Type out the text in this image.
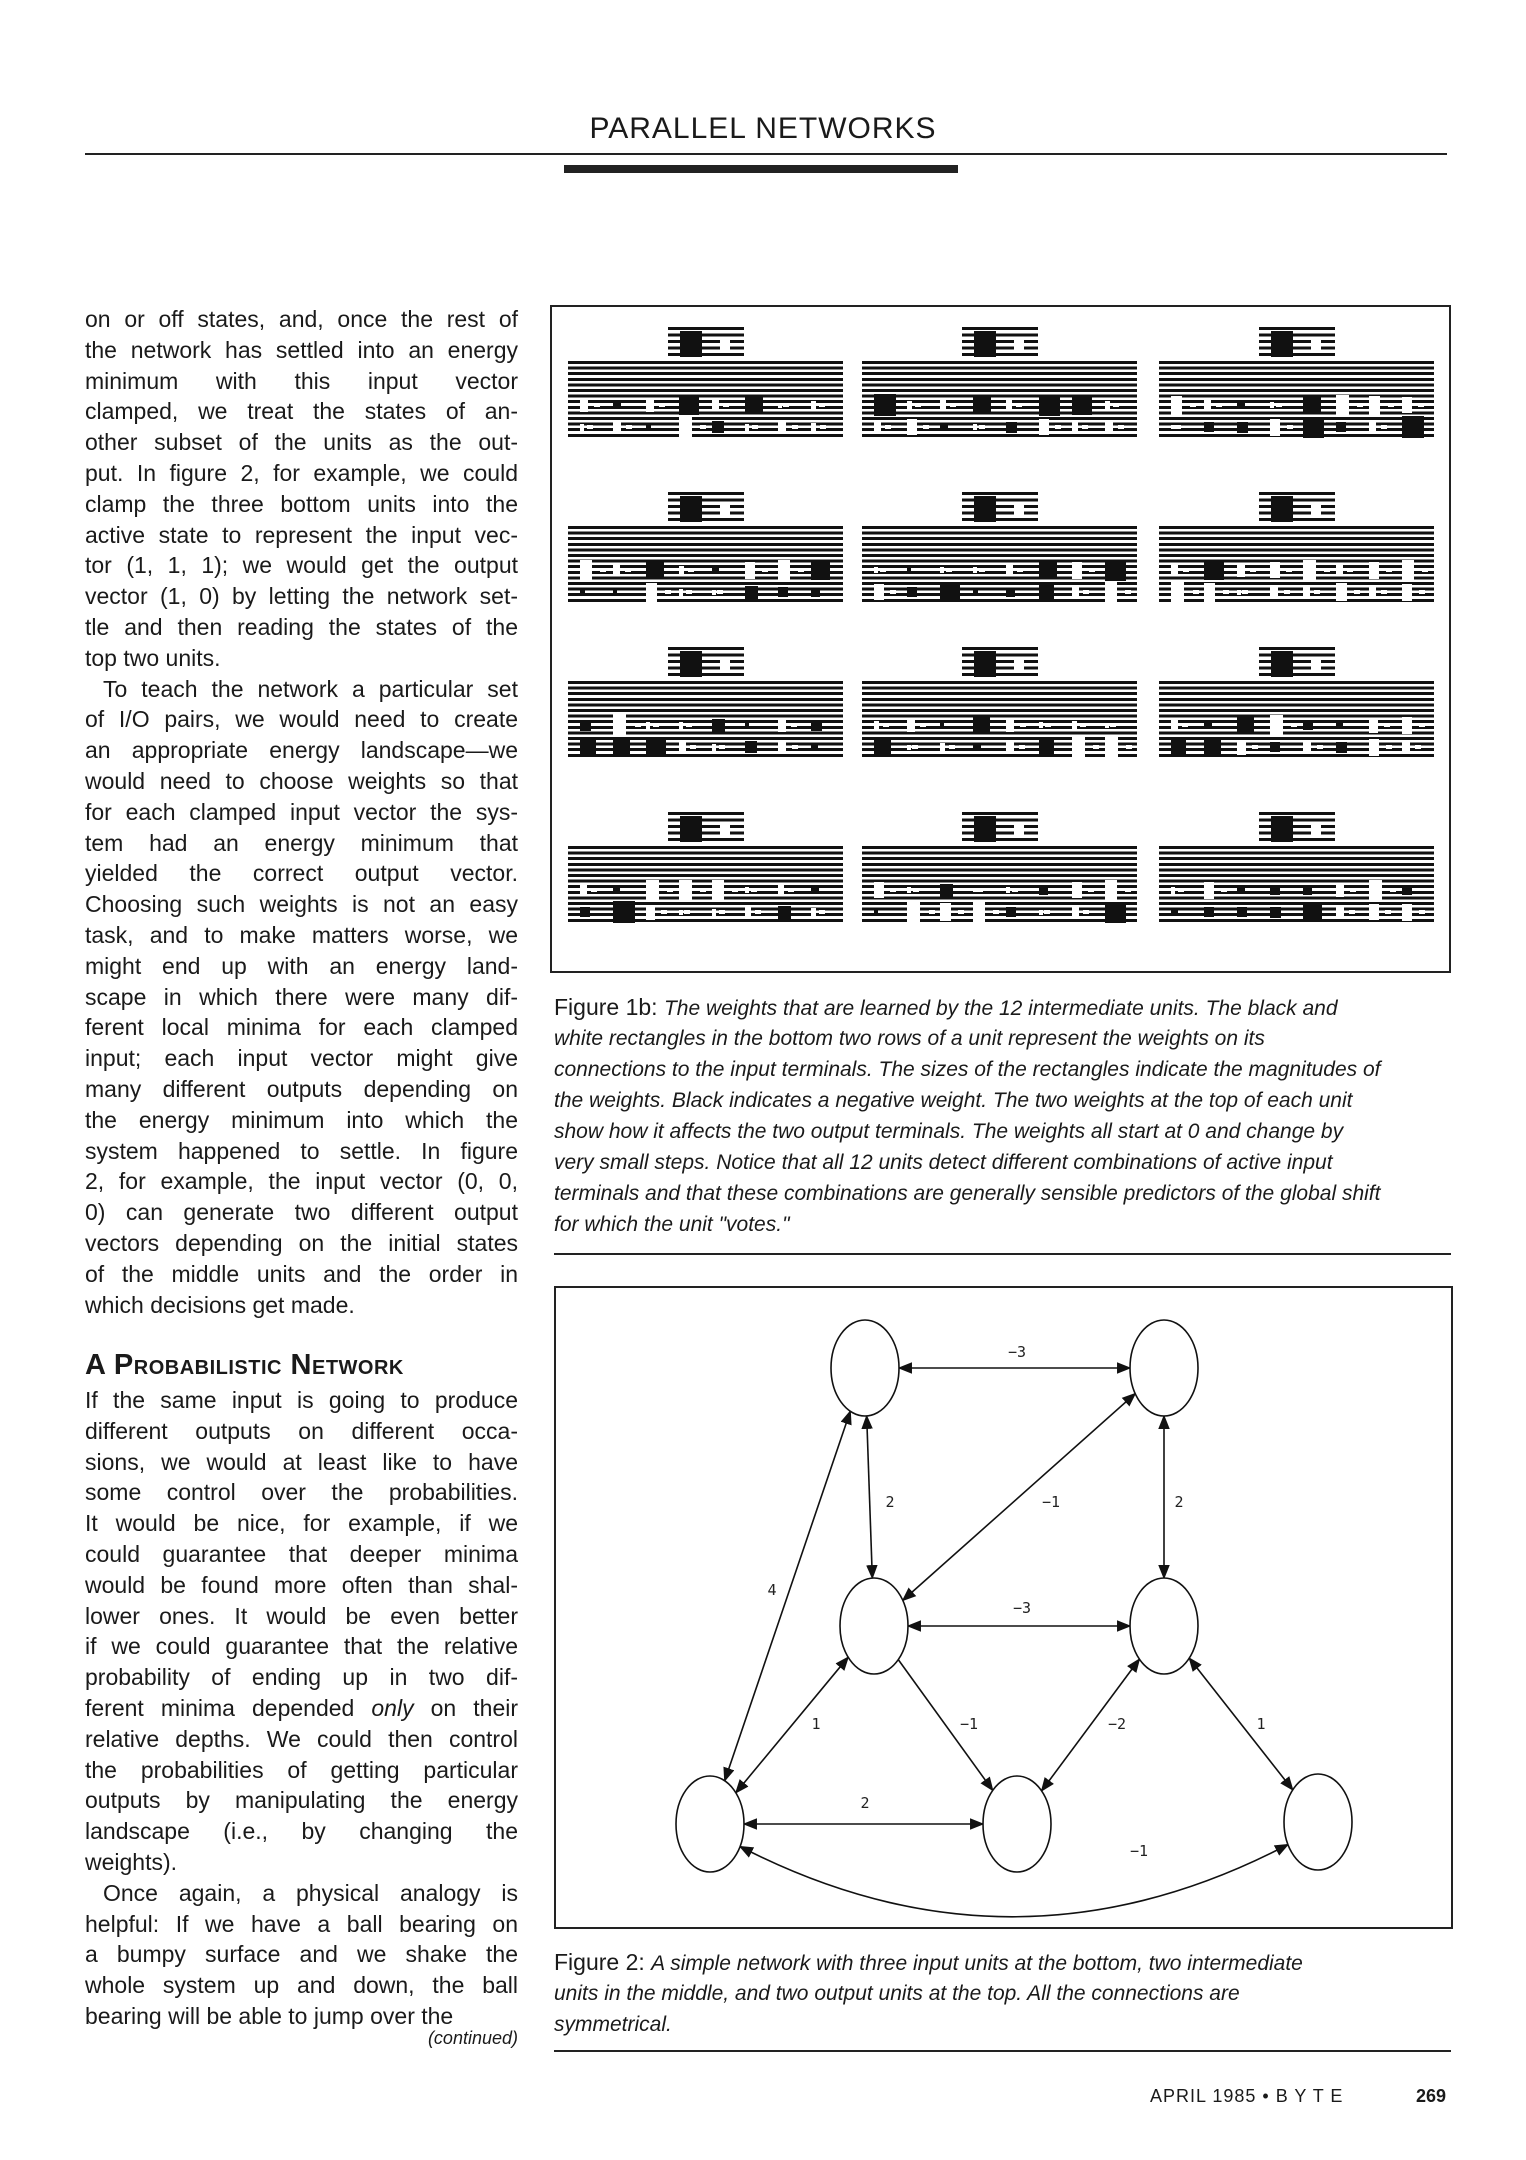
PARALLEL NETWORKS
on or off states, and, once the rest of
the network has settled into an energy
minimum with this input vector
clamped, we treat the states of an-
other subset of the units as the out-
put. In figure 2, for example, we could
clamp the three bottom units into the
active state to represent the input vec-
tor (1, 1, 1); we would get the output
vector (1, 0) by letting the network set-
tle and then reading the states of the
top two units.
To teach the network a particular set
of I/O pairs, we would need to create
an appropriate energy landscape—we
would need to choose weights so that
for each clamped input vector the sys-
tem had an energy minimum that
yielded the correct output vector.
Choosing such weights is not an easy
task, and to make matters worse, we
might end up with an energy land-
scape in which there were many dif-
ferent local minima for each clamped
input; each input vector might give
many different outputs depending on
the energy minimum into which the
system happened to settle. In figure
2, for example, the input vector (0, 0,
0) can generate two different output
vectors depending on the initial states
of the middle units and the order in
which decisions get made.
A Probabilistic Network
If the same input is going to produce
different outputs on different occa-
sions, we would at least like to have
some control over the probabilities.
It would be nice, for example, if we
could guarantee that deeper minima
would be found more often than shal-
lower ones. It would be even better
if we could guarantee that the relative
probability of ending up in two dif-
ferent minima depended only on their
relative depths. We could then control
the probabilities of getting particular
outputs by manipulating the energy
landscape (i.e., by changing the
weights).
Once again, a physical analogy is
helpful: If we have a ball bearing on
a bumpy surface and we shake the
whole system up and down, the ball
bearing will be able to jump over the
(continued)
Figure 1b: The weights that are learned by the 12 intermediate units. The black and
white rectangles in the bottom two rows of a unit represent the weights on its
connections to the input terminals. The sizes of the rectangles indicate the magnitudes of
the weights. Black indicates a negative weight. The two weights at the top of each unit
show how it affects the two output terminals. The weights all start at 0 and change by
very small steps. Notice that all 12 units detect different combinations of active input
terminals and that these combinations are generally sensible predictors of the global shift
for which the unit "votes."
−3
2	−1	2
4
−3
1	−1	−2	1
2
−1
Figure 2: A simple network with three input units at the bottom, two intermediate
units in the middle, and two output units at the top. All the connections are
symmetrical.
APRIL 1985 • B Y T E	269
